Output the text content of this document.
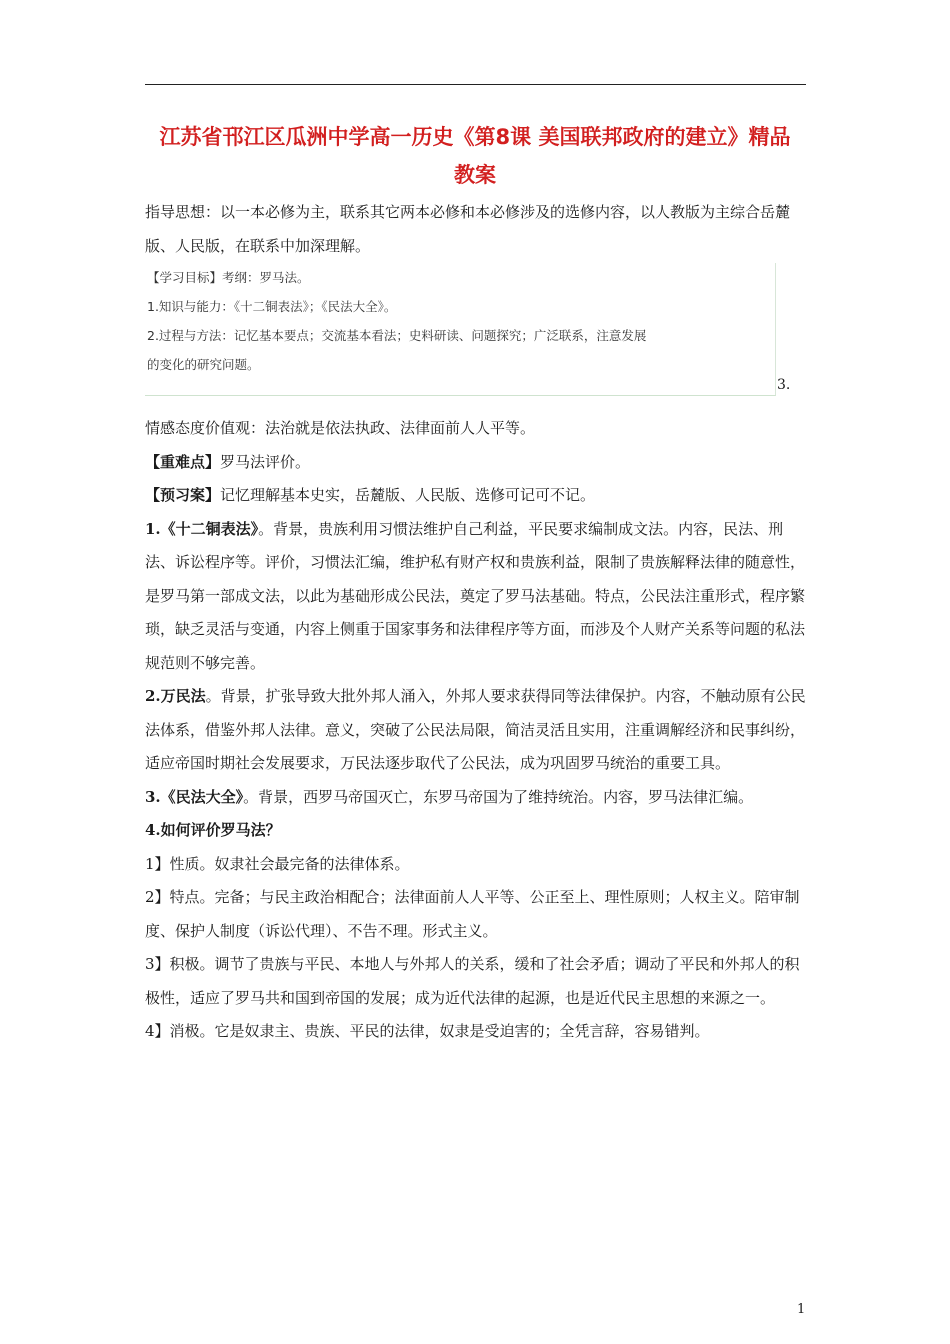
江苏省邗江区瓜洲中学高一历史《第8课 美国联邦政府的建立》精品
教案

指导思想：以一本必修为主，联系其它两本必修和本必修涉及的选修内容，以人教版为主综合岳麓版、人民版，在联系中加深理解。

【学习目标】考纲：罗马法。
1.知识与能力：《十二铜表法》；《民法大全》。
2.过程与方法：记忆基本要点；交流基本看法；史料研读、问题探究；广泛联系，注意发展
的变化的研究问题。
3.

情感态度价值观：法治就是依法执政、法律面前人人平等。

【重难点】罗马法评价。

【预习案】记忆理解基本史实，岳麓版、人民版、选修可记可不记。

1.《十二铜表法》。背景，贵族利用习惯法维护自己利益，平民要求编制成文法。内容，民法、刑法、诉讼程序等。评价，习惯法汇编，维护私有财产权和贵族利益，限制了贵族解释法律的随意性，是罗马第一部成文法，以此为基础形成公民法，奠定了罗马法基础。特点，公民法注重形式，程序繁琐，缺乏灵活与变通，内容上侧重于国家事务和法律程序等方面，而涉及个人财产关系等问题的私法规范则不够完善。

2.万民法。背景，扩张导致大批外邦人涌入，外邦人要求获得同等法律保护。内容，不触动原有公民法体系，借鉴外邦人法律。意义，突破了公民法局限，简洁灵活且实用，注重调解经济和民事纠纷，适应帝国时期社会发展要求，万民法逐步取代了公民法，成为巩固罗马统治的重要工具。

3.《民法大全》。背景，西罗马帝国灭亡，东罗马帝国为了维持统治。内容，罗马法律汇编。

4.如何评价罗马法？

1】性质。奴隶社会最完备的法律体系。

2】特点。完备；与民主政治相配合；法律面前人人平等、公正至上、理性原则；人权主义。陪审制度、保护人制度（诉讼代理）、不告不理。形式主义。

3】积极。调节了贵族与平民、本地人与外邦人的关系，缓和了社会矛盾；调动了平民和外邦人的积极性，适应了罗马共和国到帝国的发展；成为近代法律的起源，也是近代民主思想的来源之一。

4】消极。它是奴隶主、贵族、平民的法律，奴隶是受迫害的；全凭言辞，容易错判。

1
